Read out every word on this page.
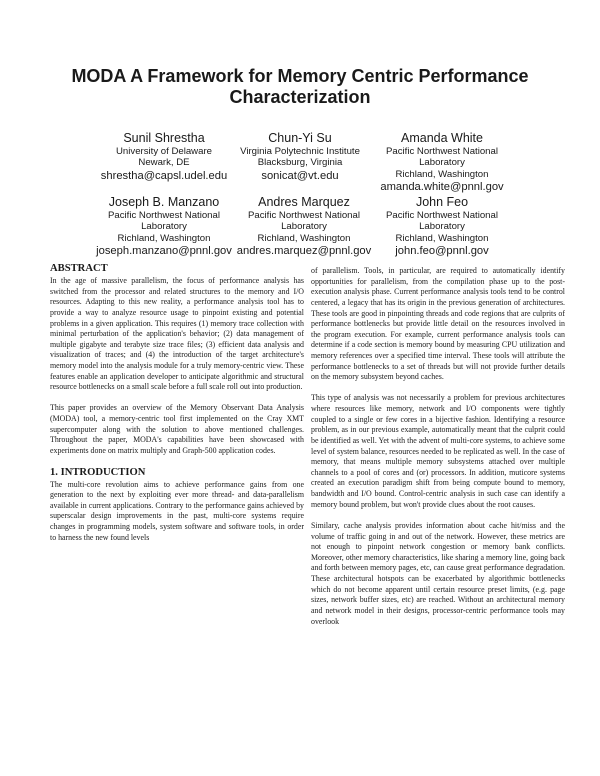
MODA A Framework for Memory Centric Performance
Characterization
Sunil Shrestha
University of Delaware
Newark, DE
shrestha@capsl.udel.edu
Chun-Yi Su
Virginia Polytechnic Institute
Blacksburg, Virginia
sonicat@vt.edu
Amanda White
Pacific Northwest National
Laboratory
Richland, Washington
amanda.white@pnnl.gov
Joseph B. Manzano
Pacific Northwest National
Laboratory
Richland, Washington
joseph.manzano@pnnl.gov
Andres Marquez
Pacific Northwest National
Laboratory
Richland, Washington
andres.marquez@pnnl.gov
John Feo
Pacific Northwest National
Laboratory
Richland, Washington
john.feo@pnnl.gov
ABSTRACT

In the age of massive parallelism, the focus of performance analysis has switched from the processor and related structures to the memory and I/O resources. Adapting to this new reality, a performance analysis tool has to provide a way to analyze resource usage to pinpoint existing and potential problems in a given application. This requires (1) memory trace collection with minimal perturbation of the application's behavior; (2) data management of multiple gigabyte and terabyte size trace files; (3) efficient data analysis and visualization of traces; and (4) the introduction of the target architecture's memory model into the analysis module for a truly memory-centric view. These features enable an application developer to anticipate algorithmic and structural resource bottlenecks on a small scale before a full scale roll out into production.

This paper provides an overview of the Memory Observant Data Analysis (MODA) tool, a memory-centric tool first implemented on the Cray XMT supercomputer along with the solution to above mentioned challenges. Throughout the paper, MODA's capabilities have been showcased with experiments done on matrix multiply and Graph-500 application codes.

1. INTRODUCTION

The multi-core revolution aims to achieve performance gains from one generation to the next by exploiting ever more thread- and data-parallelism available in current applications. Contrary to the performance gains achieved by superscalar design improvements in the past, multi-core systems require changes in programming models, system software and software tools, in order to harness the new found levels

of parallelism. Tools, in particular, are required to automatically identify opportunities for parallelism, from the compilation phase up to the post-execution analysis phase. Current performance analysis tools tend to be control centered, a legacy that has its origin in the previous generation of architectures. These tools are good in pinpointing threads and code regions that are culprits of performance bottlenecks but provide little detail on the resources involved in the program execution. For example, current performance analysis tools can determine if a code section is memory bound by measuring CPU utilization and memory references over a specified time interval. These tools will attribute the performance bottlenecks to a set of threads but will not provide further details on the memory subsystem beyond caches.

This type of analysis was not necessarily a problem for previous architectures where resources like memory, network and I/O components were tightly coupled to a single or few cores in a bijective fashion. Identifying a resource problem, as in our previous example, automatically meant that the culprit could be identified as well. Yet with the advent of multi-core systems, to achieve some level of system balance, resources needed to be replicated as well. In the case of memory, that means multiple memory subsystems attached over multiple channels to a pool of cores and (or) processors. In addition, muticore systems created an execution paradigm shift from being compute bound to memory, bandwidth and I/O bound. Control-centric analysis in such case can identify a memory bound problem, but won't provide clues about the root causes.

Similary, cache analysis provides information about cache hit/miss and the volume of traffic going in and out of the network. However, these metrics are not enough to pinpoint network congestion or memory bank conflicts. Moreover, other memory characteristics, like sharing a memory line, going back and forth between memory pages, etc, can cause great performance degradation. These architectural hotspots can be exacerbated by algorithmic bottlenecks which do not become apparent until certain resource preset limits, (e.g. page sizes, network buffer sizes, etc) are reached. Without an architectural memory and network model in their designs, processor-centric performance tools may overlook
